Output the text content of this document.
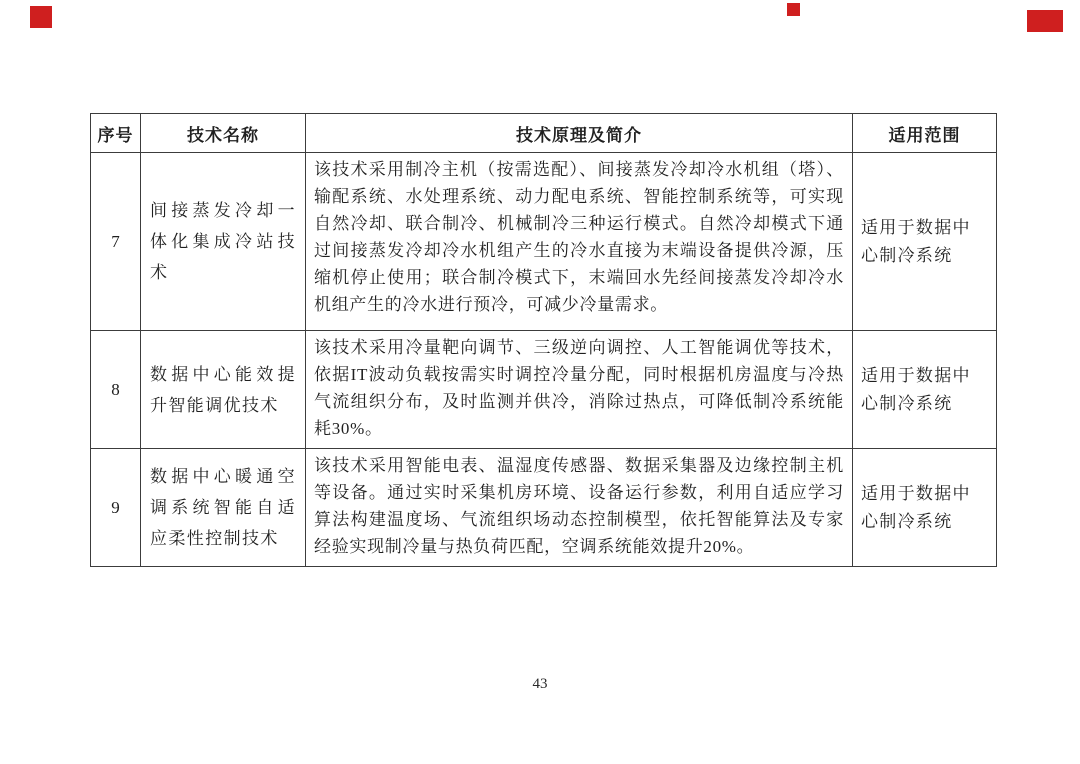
序号	技术名称	技术原理及简介	适用范围
7	间接蒸发冷却一体化集成冷站技术	该技术采用制冷主机（按需选配）、间接蒸发冷却冷水机组（塔）、输配系统、水处理系统、动力配电系统、智能控制系统等，可实现自然冷却、联合制冷、机械制冷三种运行模式。自然冷却模式下通过间接蒸发冷却冷水机组产生的冷水直接为末端设备提供冷源，压缩机停止使用；联合制冷模式下，末端回水先经间接蒸发冷却冷水机组产生的冷水进行预冷，可减少冷量需求。	适用于数据中心制冷系统
8	数据中心能效提升智能调优技术	该技术采用冷量靶向调节、三级逆向调控、人工智能调优等技术，依据IT波动负载按需实时调控冷量分配，同时根据机房温度与冷热气流组织分布，及时监测并供冷，消除过热点，可降低制冷系统能耗30%。	适用于数据中心制冷系统
9	数据中心暖通空调系统智能自适应柔性控制技术	该技术采用智能电表、温湿度传感器、数据采集器及边缘控制主机等设备。通过实时采集机房环境、设备运行参数，利用自适应学习算法构建温度场、气流组织场动态控制模型，依托智能算法及专家经验实现制冷量与热负荷匹配，空调系统能效提升20%。	适用于数据中心制冷系统
43
